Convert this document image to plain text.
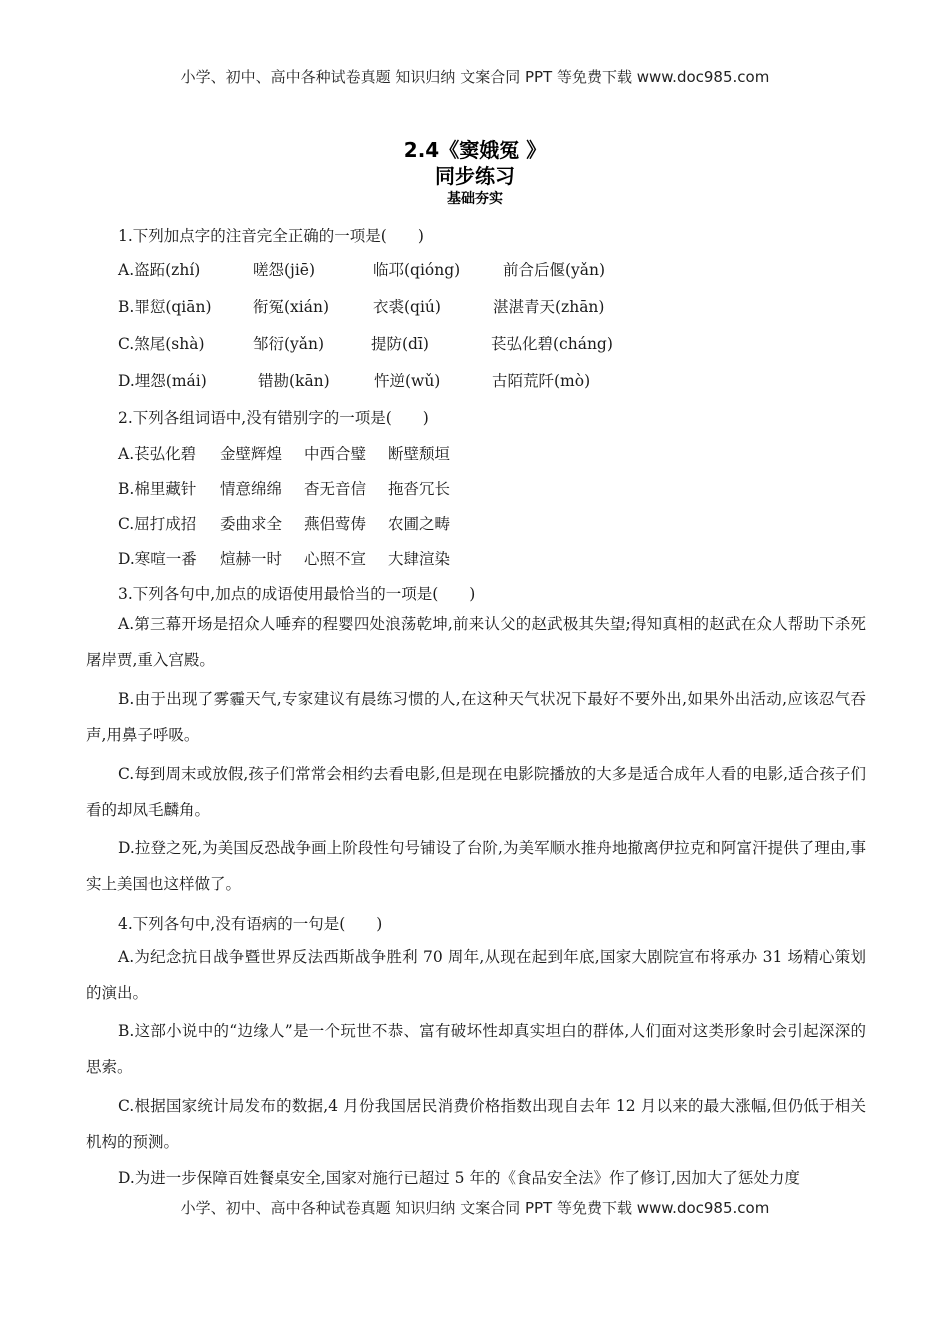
小学、初中、高中各种试卷真题 知识归纳 文案合同 PPT 等免费下载 www.doc985.com
2.4《窦娥冤 》
同步练习
基础夯实
1.下列加点字的注音完全正确的一项是(　　)
A.盗跖(zhí)	嗟怨(jiē)	临邛(qióng)	前合后偃(yǎn)
B.罪愆(qiān)	衔冤(xián)	衣裘(qiú)	湛湛青天(zhān)
C.煞尾(shà)	邹衍(yǎn)	提防(dī)	苌弘化碧(cháng)
D.埋怨(mái)	错勘(kān)	忤逆(wǔ)	古陌荒阡(mò)
2.下列各组词语中,没有错别字的一项是(　　)
A.苌弘化碧 金壁辉煌 中西合璧 断壁颓垣
B.棉里藏针 情意绵绵 杳无音信 拖沓冗长
C.屈打成招 委曲求全 燕侣莺俦 农圃之畴
D.寒喧一番 煊赫一时 心照不宣 大肆渲染
3.下列各句中,加点的成语使用最恰当的一项是(　　)
A.第三幕开场是招众人唾弃的程婴四处浪荡乾坤,前来认父的赵武极其失望;得知真相的赵武在众人帮助下杀死屠岸贾,重入宫殿。
B.由于出现了雾霾天气,专家建议有晨练习惯的人,在这种天气状况下最好不要外出,如果外出活动,应该忍气吞声,用鼻子呼吸。
C.每到周末或放假,孩子们常常会相约去看电影,但是现在电影院播放的大多是适合成年人看的电影,适合孩子们看的却凤毛麟角。
D.拉登之死,为美国反恐战争画上阶段性句号铺设了台阶,为美军顺水推舟地撤离伊拉克和阿富汗提供了理由,事实上美国也这样做了。
4.下列各句中,没有语病的一句是(　　)
A.为纪念抗日战争暨世界反法西斯战争胜利 70 周年,从现在起到年底,国家大剧院宣布将承办 31 场精心策划的演出。
B.这部小说中的“边缘人”是一个玩世不恭、富有破坏性却真实坦白的群体,人们面对这类形象时会引起深深的思索。
C.根据国家统计局发布的数据,4 月份我国居民消费价格指数出现自去年 12 月以来的最大涨幅,但仍低于相关机构的预测。
D.为进一步保障百姓餐桌安全,国家对施行已超过 5 年的《食品安全法》作了修订,因加大了惩处力度
小学、初中、高中各种试卷真题 知识归纳 文案合同 PPT 等免费下载 www.doc985.com
